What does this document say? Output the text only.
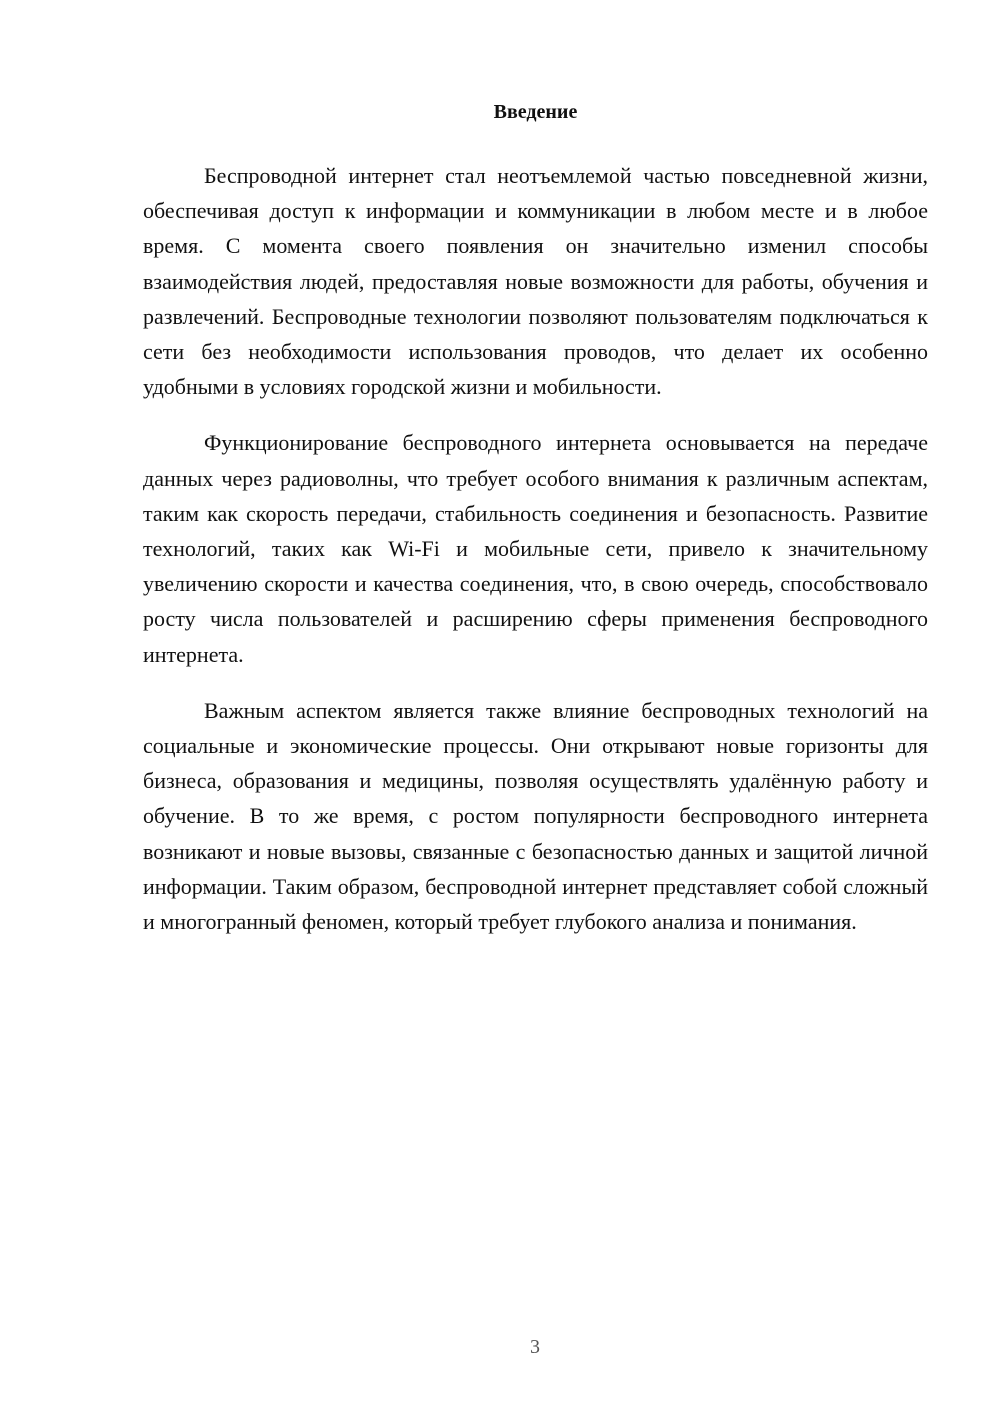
Введение

Беспроводной интернет стал неотъемлемой частью повседневной жизни, обеспечивая доступ к информации и коммуникации в любом месте и в любое время. С момента своего появления он значительно изменил способы взаимодействия людей, предоставляя новые возможности для работы, обучения и развлечений. Беспроводные технологии позволяют пользователям подключаться к сети без необходимости использования проводов, что делает их особенно удобными в условиях городской жизни и мобильности.

Функционирование беспроводного интернета основывается на передаче данных через радиоволны, что требует особого внимания к различным аспектам, таким как скорость передачи, стабильность соединения и безопасность. Развитие технологий, таких как Wi-Fi и мобильные сети, привело к значительному увеличению скорости и качества соединения, что, в свою очередь, способствовало росту числа пользователей и расширению сферы применения беспроводного интернета.

Важным аспектом является также влияние беспроводных технологий на социальные и экономические процессы. Они открывают новые горизонты для бизнеса, образования и медицины, позволяя осуществлять удалённую работу и обучение. В то же время, с ростом популярности беспроводного интернета возникают и новые вызовы, связанные с безопасностью данных и защитой личной информации. Таким образом, беспроводной интернет представляет собой сложный и многогранный феномен, который требует глубокого анализа и понимания.

3
